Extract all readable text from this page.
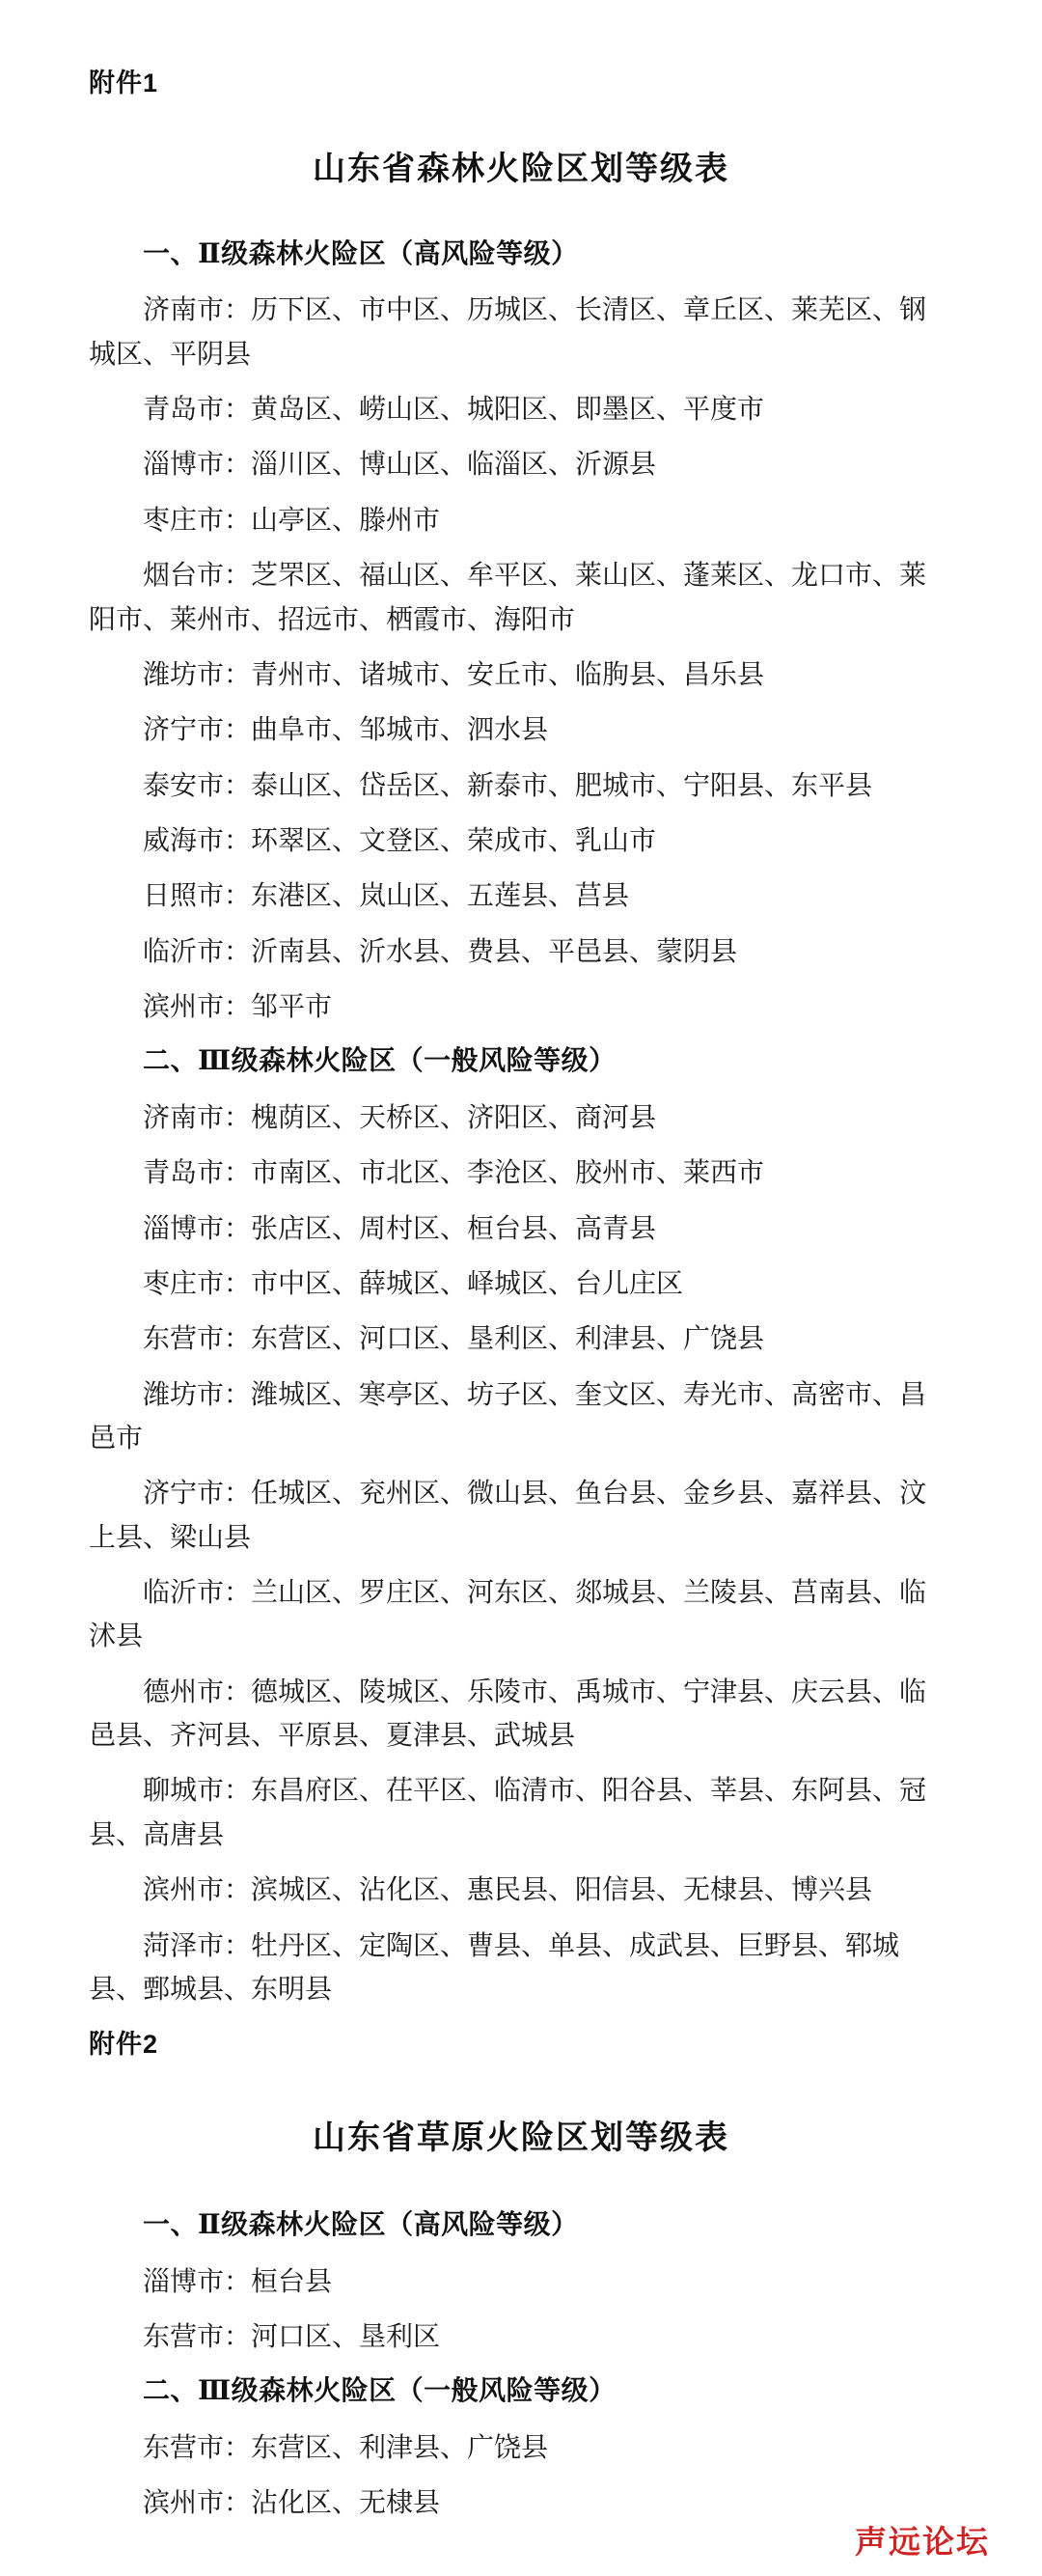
附件1
山东省森林火险区划等级表
一、Ⅱ级森林火险区（高风险等级）

济南市：历下区、市中区、历城区、长清区、章丘区、莱芜区、钢城区、平阴县

青岛市：黄岛区、崂山区、城阳区、即墨区、平度市

淄博市：淄川区、博山区、临淄区、沂源县

枣庄市：山亭区、滕州市

烟台市：芝罘区、福山区、牟平区、莱山区、蓬莱区、龙口市、莱阳市、莱州市、招远市、栖霞市、海阳市

潍坊市：青州市、诸城市、安丘市、临朐县、昌乐县

济宁市：曲阜市、邹城市、泗水县

泰安市：泰山区、岱岳区、新泰市、肥城市、宁阳县、东平县

威海市：环翠区、文登区、荣成市、乳山市

日照市：东港区、岚山区、五莲县、莒县

临沂市：沂南县、沂水县、费县、平邑县、蒙阴县

滨州市：邹平市

二、Ⅲ级森林火险区（一般风险等级）

济南市：槐荫区、天桥区、济阳区、商河县

青岛市：市南区、市北区、李沧区、胶州市、莱西市

淄博市：张店区、周村区、桓台县、高青县

枣庄市：市中区、薛城区、峄城区、台儿庄区

东营市：东营区、河口区、垦利区、利津县、广饶县

潍坊市：潍城区、寒亭区、坊子区、奎文区、寿光市、高密市、昌邑市

济宁市：任城区、兖州区、微山县、鱼台县、金乡县、嘉祥县、汶上县、梁山县

临沂市：兰山区、罗庄区、河东区、郯城县、兰陵县、莒南县、临沭县

德州市：德城区、陵城区、乐陵市、禹城市、宁津县、庆云县、临邑县、齐河县、平原县、夏津县、武城县

聊城市：东昌府区、茌平区、临清市、阳谷县、莘县、东阿县、冠县、高唐县

滨州市：滨城区、沾化区、惠民县、阳信县、无棣县、博兴县

菏泽市：牡丹区、定陶区、曹县、单县、成武县、巨野县、郓城县、鄄城县、东明县

附件2
山东省草原火险区划等级表
一、Ⅱ级森林火险区（高风险等级）

淄博市：桓台县

东营市：河口区、垦利区

二、Ⅲ级森林火险区（一般风险等级）

东营市：东营区、利津县、广饶县

滨州市：沾化区、无棣县

声远论坛
